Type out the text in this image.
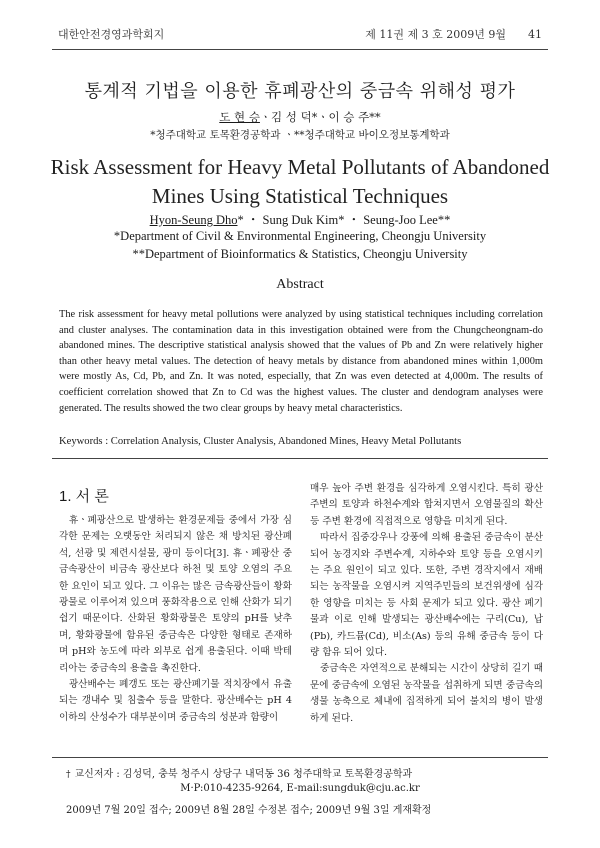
대한안전경영과학회지	제 11권 제 3 호 2009년 9월 41
통계적 기법을 이용한 휴폐광산의 중금속 위해성 평가
도 현 승ㆍ김 성 덕*ㆍ이 승 주**
*청주대학교 토목환경공학과 ㆍ**청주대학교 바이오정보통계학과
Risk Assessment for Heavy Metal Pollutants of Abandoned
Mines Using Statistical Techniques
Hyon-Seung Dho* ・ Sung Duk Kim* ・ Seung-Joo Lee**
*Department of Civil & Environmental Engineering, Cheongju University
**Department of Bioinformatics & Statistics, Cheongju University
Abstract
The risk assessment for heavy metal pollutions were analyzed by using statistical techniques including correlation and cluster analyses. The contamination data in this investigation obtained were from the Chungcheongnam-do abandoned mines. The descriptive statistical analysis showed that the values of Pb and Zn were relatively higher than other heavy metal values. The detection of heavy metals by distance from abandoned mines within 1,000m were mostly As, Cd, Pb, and Zn. It was noted, especially, that Zn was even detected at 4,000m. The results of coefficient correlation showed that Zn to Cd was the highest values. The cluster and dendogram analyses were generated. The results showed the two clear groups by heavy metal characteristics.
Keywords : Correlation Analysis, Cluster Analysis, Abandoned Mines, Heavy Metal Pollutants
1. 서 론

휴ㆍ폐광산으로 발생하는 환경문제들 중에서 가장 심각한 문제는 오랫동안 처리되지 않은 채 방치된 광산폐석, 선광 및 제련시설물, 광미 등이다[3]. 휴ㆍ폐광산 중 금속광산이 비금속 광산보다 하천 및 토양 오염의 주요한 요인이 되고 있다. 그 이유는 많은 금속광산들이 황화광물로 이루어져 있으며 풍화작용으로 인해 산화가 되기 쉽기 때문이다. 산화된 황화광물은 토양의 pH를 낮추며, 황화광물에 함유된 중금속은 다양한 형태로 존재하며 pH와 농도에 따라 외부로 쉽게 용출된다. 이때 박테리아는 중금속의 용출을 촉진한다.

광산배수는 폐갱도 또는 광산폐기물 적치장에서 유출되는 갱내수 및 침출수 등을 말한다. 광산배수는 pH 4이하의 산성수가 대부분이며 중금속의 성분과 함량이

매우 높아 주변 환경을 심각하게 오염시킨다. 특히 광산주변의 토양과 하천수계와 합쳐지면서 오염물질의 확산 등 주변 환경에 직접적으로 영향을 미치게 된다.

따라서 집중강우나 강풍에 의해 용출된 중금속이 분산되어 농경지와 주변수계, 지하수와 토양 등을 오염시키는 주요 원인이 되고 있다. 또한, 주변 경작지에서 재배되는 농작물을 오염시켜 지역주민들의 보건위생에 심각한 영향을 미치는 등 사회 문제가 되고 있다. 광산 폐기물과 이로 인해 발생되는 광산배수에는 구리(Cu), 납(Pb), 카드뮴(Cd), 비소(As) 등의 유해 중금속 등이 다량 함유 되어 있다.

중금속은 자연적으로 분해되는 시간이 상당히 길기 때문에 중금속에 오염된 농작물을 섭취하게 되면 중금속의 생물 농축으로 체내에 집적하게 되어 불치의 병이 발생하게 된다.

† 교신저자 : 김성덕, 충북 청주시 상당구 내덕동 36 청주대학교 토목환경공학과
M·P:010-4235-9264, E-mail:sungduk@cju.ac.kr
2009년 7월 20일 접수; 2009년 8월 28일 수정본 접수; 2009년 9월 3일 게재확정
